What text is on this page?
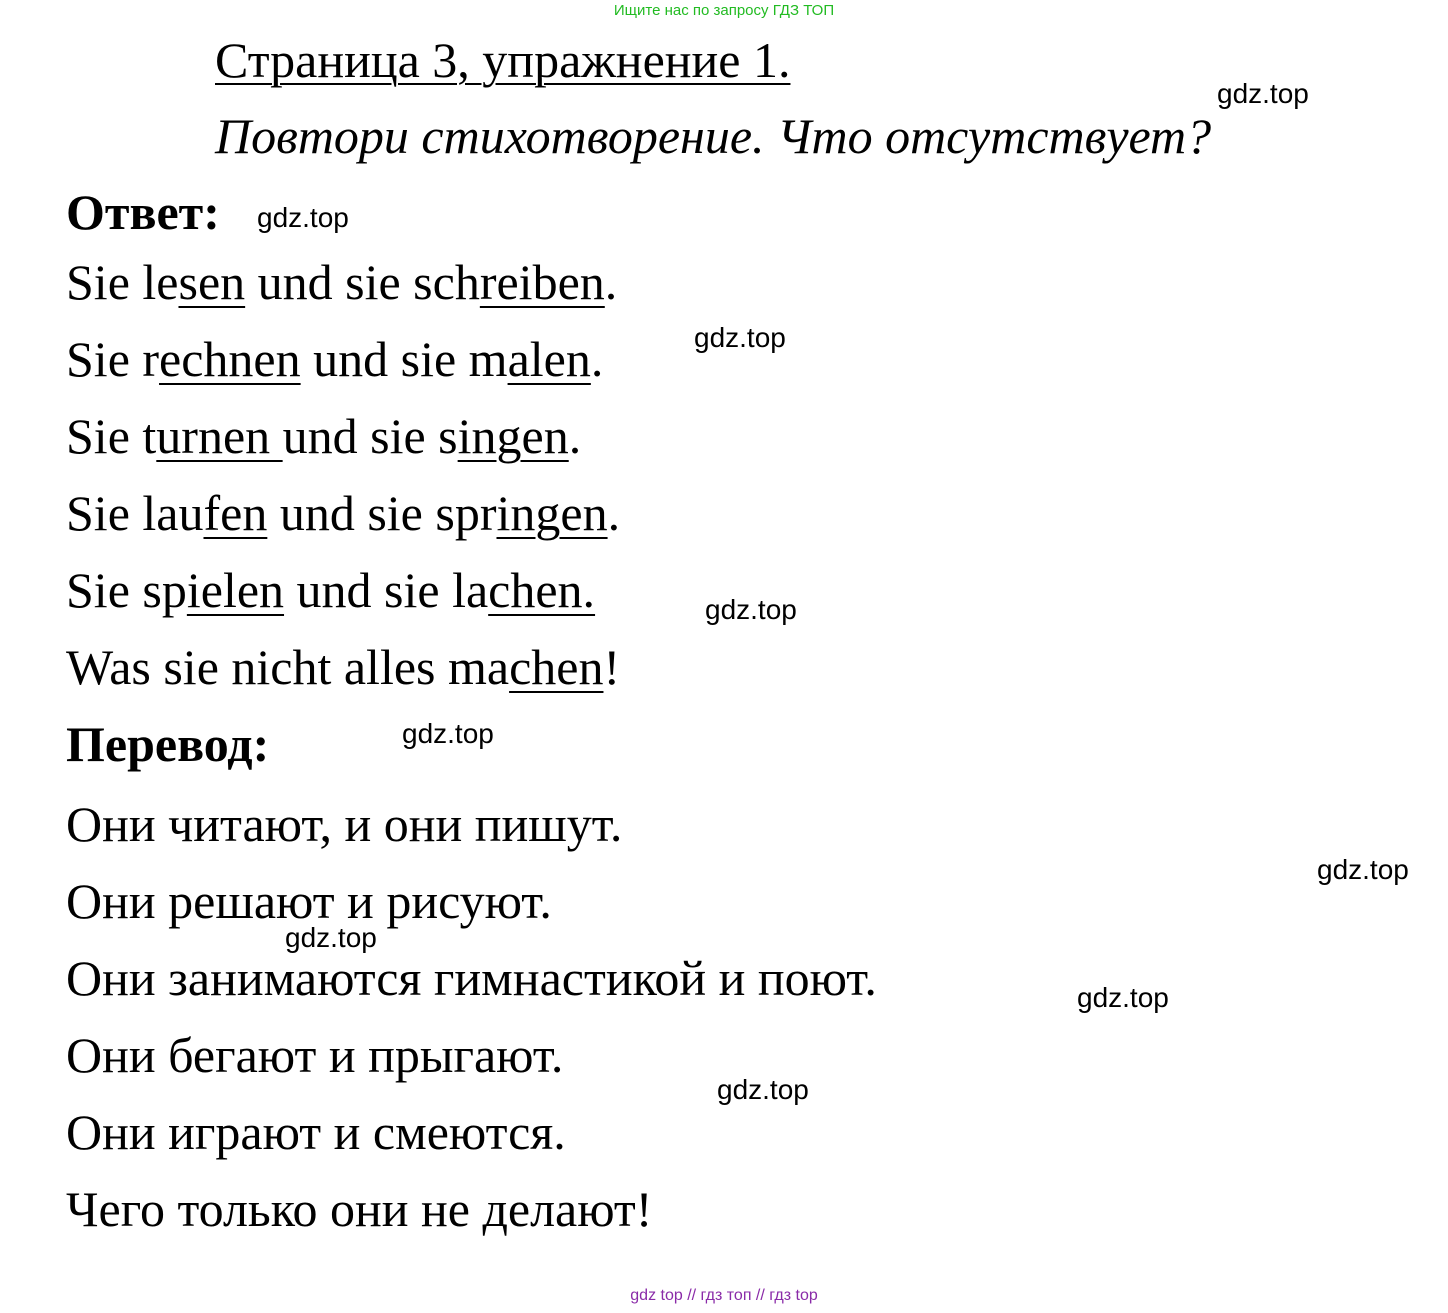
Ищите нас по запросу ГДЗ ТОП
Страница 3, упражнение 1.
Повтори стихотворение. Что отсутствует?
Ответ:
Sie lesen und sie schreiben.
Sie rechnen und sie malen.
Sie turnen und sie singen.
Sie laufen und sie springen.
Sie spielen und sie lachen.
Was sie nicht alles machen!
Перевод:
Они читают, и они пишут.
Они решают и рисуют.
Они занимаются гимнастикой и поют.
Они бегают и прыгают.
Они играют и смеются.
Чего только они не делают!
gdz.top
gdz.top
gdz.top
gdz.top
gdz.top
gdz.top
gdz.top
gdz.top
gdz.top
gdz top // гдз топ // гдз top
